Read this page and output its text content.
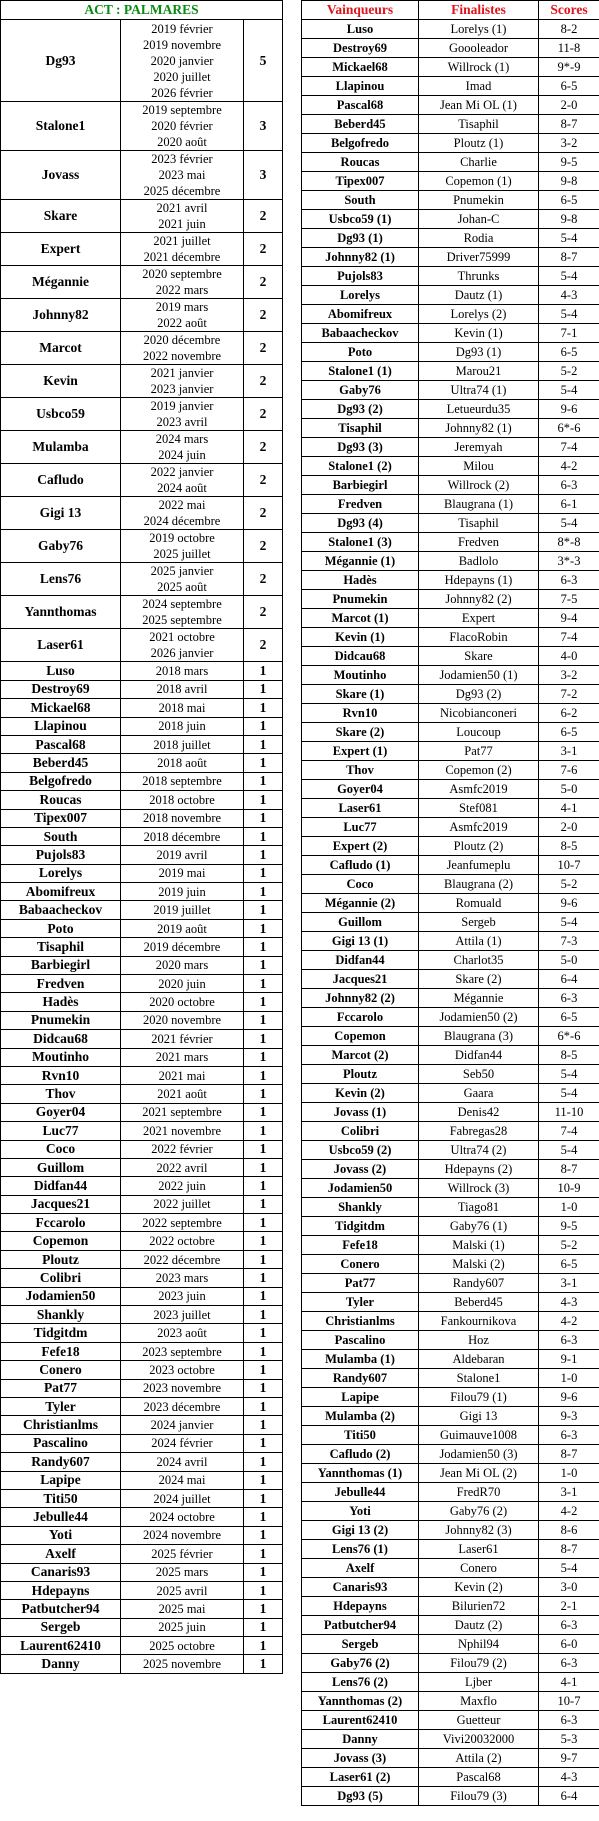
ACT : PALMARES		
Dg93	2019 février
2019 novembre
2020 janvier
2020 juillet
2026 février	5
Stalone1	2019 septembre
2020 février
2020 août	3
Jovass	2023 février
2023 mai
2025 décembre	3
Skare	2021 avril
2021 juin	2
Expert	2021 juillet
2021 décembre	2
Mégannie	2020 septembre
2022 mars	2
Johnny82	2019 mars
2022 août	2
Marcot	2020 décembre
2022 novembre	2
Kevin	2021 janvier
2023 janvier	2
Usbco59	2019 janvier
2023 avril	2
Mulamba	2024 mars
2024 juin	2
Cafludo	2022 janvier
2024 août	2
Gigi 13	2022 mai
2024 décembre	2
Gaby76	2019 octobre
2025 juillet	2
Lens76	2025 janvier
2025 août	2
Yannthomas	2024 septembre
2025 septembre	2
Laser61	2021 octobre
2026 janvier	2
Luso	2018 mars	1
Destroy69	2018 avril	1
Mickael68	2018 mai	1
Llapinou	2018 juin	1
Pascal68	2018 juillet	1
Beberd45	2018 août	1
Belgofredo	2018 septembre	1
Roucas	2018 octobre	1
Tipex007	2018 novembre	1
South	2018 décembre	1
Pujols83	2019 avril	1
Lorelys	2019 mai	1
Abomifreux	2019 juin	1
Babaacheckov	2019 juillet	1
Poto	2019 août	1
Tisaphil	2019 décembre	1
Barbiegirl	2020 mars	1
Fredven	2020 juin	1
Hadès	2020 octobre	1
Pnumekin	2020 novembre	1
Didcau68	2021 février	1
Moutinho	2021 mars	1
Rvn10	2021 mai	1
Thov	2021 août	1
Goyer04	2021 septembre	1
Luc77	2021 novembre	1
Coco	2022 février	1
Guillom	2022 avril	1
Didfan44	2022 juin	1
Jacques21	2022 juillet	1
Fccarolo	2022 septembre	1
Copemon	2022 octobre	1
Ploutz	2022 décembre	1
Colibri	2023 mars	1
Jodamien50	2023 juin	1
Shankly	2023 juillet	1
Tidgitdm	2023 août	1
Fefe18	2023 septembre	1
Conero	2023 octobre	1
Pat77	2023 novembre	1
Tyler	2023 décembre	1
Christianlms	2024 janvier	1
Pascalino	2024 février	1
Randy607	2024 avril	1
Lapipe	2024 mai	1
Titi50	2024 juillet	1
Jebulle44	2024 octobre	1
Yoti	2024 novembre	1
Axelf	2025 février	1
Canaris93	2025 mars	1
Hdepayns	2025 avril	1
Patbutcher94	2025 mai	1
Sergeb	2025 juin	1
Laurent62410	2025 octobre	1
Danny	2025 novembre	1
Vainqueurs	Finalistes	Scores
Luso	Lorelys (1)	8-2
Destroy69	Goooleador	11-8
Mickael68	Willrock (1)	9*-9
Llapinou	Imad	6-5
Pascal68	Jean Mi OL (1)	2-0
Beberd45	Tisaphil	8-7
Belgofredo	Ploutz (1)	3-2
Roucas	Charlie	9-5
Tipex007	Copemon (1)	9-8
South	Pnumekin	6-5
Usbco59 (1)	Johan-C	9-8
Dg93 (1)	Rodia	5-4
Johnny82 (1)	Driver75999	8-7
Pujols83	Thrunks	5-4
Lorelys	Dautz (1)	4-3
Abomifreux	Lorelys (2)	5-4
Babaacheckov	Kevin (1)	7-1
Poto	Dg93 (1)	6-5
Stalone1 (1)	Marou21	5-2
Gaby76	Ultra74 (1)	5-4
Dg93 (2)	Letueurdu35	9-6
Tisaphil	Johnny82 (1)	6*-6
Dg93 (3)	Jeremyah	7-4
Stalone1 (2)	Milou	4-2
Barbiegirl	Willrock (2)	6-3
Fredven	Blaugrana (1)	6-1
Dg93 (4)	Tisaphil	5-4
Stalone1 (3)	Fredven	8*-8
Mégannie (1)	Badlolo	3*-3
Hadès	Hdepayns (1)	6-3
Pnumekin	Johnny82 (2)	7-5
Marcot (1)	Expert	9-4
Kevin (1)	FlacoRobin	7-4
Didcau68	Skare	4-0
Moutinho	Jodamien50 (1)	3-2
Skare (1)	Dg93 (2)	7-2
Rvn10	Nicobianconeri	6-2
Skare (2)	Loucoup	6-5
Expert (1)	Pat77	3-1
Thov	Copemon (2)	7-6
Goyer04	Asmfc2019	5-0
Laser61	Stef081	4-1
Luc77	Asmfc2019	2-0
Expert (2)	Ploutz (2)	8-5
Cafludo (1)	Jeanfumeplu	10-7
Coco	Blaugrana (2)	5-2
Mégannie (2)	Romuald	9-6
Guillom	Sergeb	5-4
Gigi 13 (1)	Attila (1)	7-3
Didfan44	Charlot35	5-0
Jacques21	Skare (2)	6-4
Johnny82 (2)	Mégannie	6-3
Fccarolo	Jodamien50 (2)	6-5
Copemon	Blaugrana (3)	6*-6
Marcot (2)	Didfan44	8-5
Ploutz	Seb50	5-4
Kevin (2)	Gaara	5-4
Jovass (1)	Denis42	11-10
Colibri	Fabregas28	7-4
Usbco59 (2)	Ultra74 (2)	5-4
Jovass (2)	Hdepayns (2)	8-7
Jodamien50	Willrock (3)	10-9
Shankly	Tiago81	1-0
Tidgitdm	Gaby76 (1)	9-5
Fefe18	Malski (1)	5-2
Conero	Malski (2)	6-5
Pat77	Randy607	3-1
Tyler	Beberd45	4-3
Christianlms	Fankournikova	4-2
Pascalino	Hoz	6-3
Mulamba (1)	Aldebaran	9-1
Randy607	Stalone1	1-0
Lapipe	Filou79 (1)	9-6
Mulamba (2)	Gigi 13	9-3
Titi50	Guimauve1008	6-3
Cafludo (2)	Jodamien50 (3)	8-7
Yannthomas (1)	Jean Mi OL (2)	1-0
Jebulle44	FredR70	3-1
Yoti	Gaby76 (2)	4-2
Gigi 13 (2)	Johnny82 (3)	8-6
Lens76 (1)	Laser61	8-7
Axelf	Conero	5-4
Canaris93	Kevin (2)	3-0
Hdepayns	Bilurien72	2-1
Patbutcher94	Dautz (2)	6-3
Sergeb	Nphil94	6-0
Gaby76 (2)	Filou79 (2)	6-3
Lens76 (2)	Ljber	4-1
Yannthomas (2)	Maxflo	10-7
Laurent62410	Guetteur	6-3
Danny	Vivi20032000	5-3
Jovass (3)	Attila (2)	9-7
Laser61 (2)	Pascal68	4-3
Dg93 (5)	Filou79 (3)	6-4
